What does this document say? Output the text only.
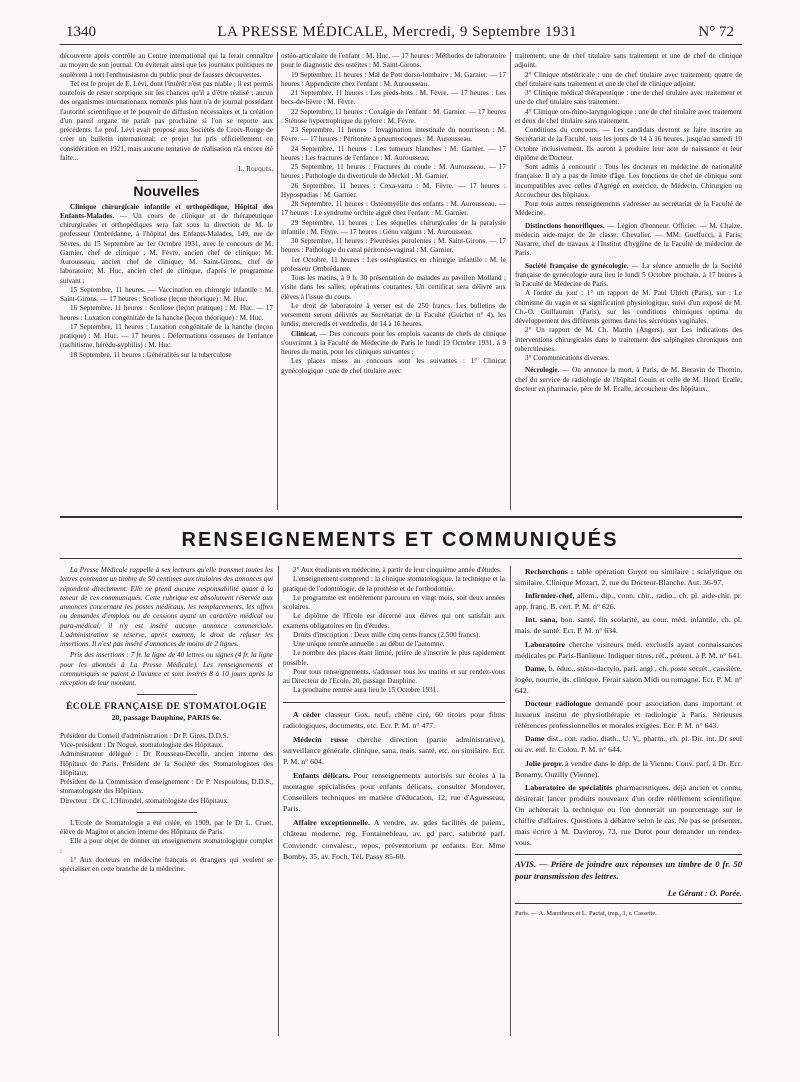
1340	LA PRESSE MÉDICALE, Mercredi, 9 Septembre 1931	N° 72

découverte après contrôle au Centre international qui la ferait connaître au moyen de son journal. On éviterait ainsi que les journaux politiques ne soulèvent à tort l'enthousiasme du public pour de fausses découvertes.

Tel est le projet de E. Lévi, dont l'intérêt n'est pas niable ; il est permis toutefois de rester sceptique sur les chances qu'il a d'être réalisé ; aucun des organismes internationaux nommés plus haut n'a de journal possédant l'autorité scientifique et le pouvoir de diffusion nécessaires et la création d'un pareil organe ne paraît pas prochaine si l'on se reporte aux précédents. Le prof. Lévi avait proposé aux Sociétés de Croix-Rouge de créer un bulletin international; ce projet fut pris officiellement en considération en 1921, mais aucune tentative de réalisation n'a encore été faite...

L. Rouquès.
Nouvelles

Clinique chirurgicale infantile et orthopédique, Hôpital des Enfants-Malades. — Un cours de clinique et de thérapeutique chirurgicales et orthopédiques sera fait sous la direction de M. le professeur Ombrédanne, à l'hôpital des Enfants-Malades, 149, rue de Sèvres, du 15 Septembre au 1er Octobre 1931, avec le concours de M. Garnier, chef de clinique ; M. Fèvre, ancien chef de clinique; M. Aurousseau, ancien chef de clinique; M. Saint-Girons, chef de laboratoire; M. Huc, ancien chef de clinique, d'après le programme suivant :

15 Septembre, 11 heures. — Vaccination en chirurgie infantile : M. Saint-Girons. — 17 heures : Scoliose (leçon théorique) : M. Huc.

16 Septembre, 11 heures : Scoliose (leçon pratique) : M. Huc. — 17 heures : Luxation congénitale de la hanche (leçon théorique) : M. Huc.

17 Septembre, 11 heures : Luxation congénitale de la hanche (leçon pratique) : M. Huc. — 17 heures : Déformations osseuses de l'enfance (rachitisme, hérédo-syphilis) : M. Huc.

18 Septembre, 11 heures : Généralités sur la tuberculose

ostéo-articulaire de l'enfant : M. Huc. — 17 heures : Méthodes de laboratoire pour le diagnostic des ostéites : M. Saint-Girons.

19 Septembre, 11 heures : Mal de Pott dorso-lombaire : M. Garnier. — 17 heures : Appendicite chez l'enfant : M. Aurousseau.

21 Septembre, 11 heures : Les pieds-bots : M. Fèvre. — 17 heures : Les becs-de-lièvre : M. Fèvre.

22 Septembre, 11 heures : Coxalgie de l'enfant : M. Garnier. — 17 heures : Sténose hypertrophique du pylore : M. Fèvre.

23 Septembre, 11 heures : Invagination intestinale du nourrisson : M. Fèvre. — 17 heures : Péritonite à pneumocoques : M. Aurousseau.

24 Septembre, 11 heures : Les tumeurs blanches : M. Garnier. — 17 heures : Les fractures de l'enfance : M. Aurousseau.

25 Septembre, 11 heures : Fractures du coude : M. Aurousseau. — 17 heures : Pathologie du diverticule de Meckel : M. Garnier.

26 Septembre, 11 heures : Coxa-varra : M. Fèvre. — 17 heures : Hypospadias : M. Garnier.

28 Septembre, 11 heures : Ostéomyélite des enfants : M. Aurousseau. — 17 heures : Le syndrome orchite aiguë chez l'enfant : M. Garnier.

29 Septembre, 11 heures : Les séquelles chirurgicales de la paralysie infantile : M. Fèvre. — 17 heures : Génu valgum : M. Aurousseau.

30 Septembre, 11 heures : Pleurésies purulentes : M. Saint-Girons. — 17 heures : Pathologie du canal péritonéo-vaginal : M. Garnier.

1er Octobre, 11 heures : Les ostéoplastics en chirurgie infantile : M. le professeur Ombrédanne.

Tous les matins, à 9 h. 30 présentation de malades au pavillon Molland ; visite dans les salles; opérations courantes. Un certificat sera délivré aux élèves à l'issue du cours.

Le droit de laboratoire à verser est de 250 francs. Les bulletins de versement seront délivrés au Secrétariat de la Faculté (Guichet n° 4), les lundis, mercredis et vendredis, de 14 à 16 heures.

Clinicat. — Des concours pour les emplois vacants de chefs de clinique s'ouvriront à la Faculté de Médecine de Paris le lundi 19 Octobre 1931, à 9 heures du matin, pour les cliniques suivantes :

Les places mises au concours sont les suivantes : 1° Clinicat gynécologique : une de chef titulaire avec

traitement; une de chef titulaire sans traitement et une de chef de clinique adjoint.

2° Clinique obstétricale : une de chef titulaire avec traitement; quatre de chef titulaire sans traitement et une de chef de clinique adjoint.

3° Clinique médical thérapeutique : une de chef titulaire avec traitement et une de chef titulaire sans traitement.

4° Clinique oto-rhino-laryngologique : une de chef titulaire avec traitement et deux de chef titulaire sans traitement.

Conditions du concours. — Les candidats devront se faire inscrire au Secrétariat de la Faculté, tous les jours de 14 à 16 heures, jusqu'au samedi 10 Octobre inclusivement. Ils auront à produire leur acte de naissance et leur diplôme de Docteur.

Sont admis à concourir : Tous les docteurs en médecine de nationalité française. Il n'y a pas de limite d'âge. Les fonctions de chef de clinique sont incompatibles avec celles d'Agrégé en exercice, de Médecin, Chirurgien ou Accoucheur des hôpitaux.

Pour tous autres renseignements s'adresser au secrétariat de la Faculté de Médecine.

Distinctions honorifiques. — Légion d'honneur. Officier. — M. Chaize, médecin aide-major de 2e classe. Chevalier. — MM. Guelfucci, à Paris; Navarre, chef de travaux à l'Institut d'hygiène de la Faculté de médecine de Paris.

Société française de gynécologie. — La séance annuelle de la Société française de gynécologie aura lieu le lundi 5 Octobre prochain, à 17 heures à la Faculté de Médecine de Paris.

A l'ordre du jour : 1° un rapport de M. Paul Ulrich (Paris), sur : Le chimisme du vagin et sa signification physiologique, suivi d'un exposé de M. Ch.-O. Guillaumin (Paris), sur les conditions chimiques optima du développement des différents germes dans les sécrétions vaginales.

2° Un rapport de M. Ch. Martin (Angers), sur Les indications des interventions chirurgicales dans le traitement des salpingites chroniques non tuberculeuses.

3° Communications diverses.

Nécrologie. — On annonce la mort, à Paris, de M. Becavin de Thomin, chef du service de radiologie de l'hôpital Gouin et celle de M. Henri Ecalle, docteur en pharmacie, père de M. Ecalle, accoucheur des hôpitaux.

RENSEIGNEMENTS ET COMMUNIQUÉS

La Presse Médicale rappelle à ses lecteurs qu'elle transmet toutes les lettres contenant un timbre de 50 centimes aux titulaires des annonces qui répondent directement. Elle ne prend aucune responsabilité quant à la teneur de ces communiqués. Cette rubrique est absolument réservée aux annonces concernant les postes médicaux, les remplacements, les offres ou demandes d'emplois ou de cessions ayant un caractère médical ou para-médical; il n'y est inséré aucune annonce commerciale. L'administration se réserve, après examen, le droit de refuser les insertions. Il n'est pas inséré d'annonces de moins de 2 lignes.

Prix des insertions : 7 fr. la ligne de 40 lettres ou signes (4 fr. la ligne pour les abonnés à La Presse Médicale). Les renseignements et communiqués se paient à l'avance et sont insérés 8 à 10 jours après la réception de leur montant.

ÉCOLE FRANÇAISE DE STOMATOLOGIE
20, passage Dauphine, PARIS 6e.

Président du Conseil d'administration : Dr P. Gires, D.D.S.

Vice-président : Dr Nogué, stomatologiste des Hôpitaux.

Administrateur délégué : Dr Rousseau-Decelle, ancien interne des Hôpitaux de Paris, Président de la Société des Stomatologistes des Hôpitaux.

Président de la Commission d'enseignement : Dr P. Nespoulous, D.D.S., stomatologiste des Hôpitaux.

Directeur : Dr C. L'Hirondel, stomatologiste des Hôpitaux.

L'Ecole de Stomatologie a été créée, en 1909, par le Dr L. Cruet, élève de Magitot et ancien interne des Hôpitaux de Paris.

Elle a pour objet de donner un enseignement stomatologique complet :

1° Aux docteurs en médecine français et étrangers qui veulent se spécialiser en cette branche de la médecine.

2° Aux étudiants en médecine, à partir de leur cinquième année d'études.

L'enseignement comprend : la clinique stomatologique, la technique et la pratique de l'odontologie, de la prothèse et de l'orthodontie.

Le programme est entièrement parcouru en vingt mois, soit deux années scolaires.

Le diplôme de l'Ecole est décerné aux élèves qui ont satisfait aux examens obligatoires en fin d'études.

Droits d'inscription : Deux mille cinq cents francs (2.500 francs).

Une unique rentrée annuelle : au début de l'automne.

Le nombre des places étant limité, prière de s'inscrire le plus rapidement possible.

Pour tous renseignements, s'adresser tous les matins et sur rendez-vous au Directeur de l'Ecole, 20, passage Dauphine.

La prochaine rentrée aura lieu le 15 Octobre 1931.

A céder classeur Gox, neuf, chêne ciré, 60 tiroirs pour films radiologiques, documents, etc. Ecr. P. M. n° 477.

Médecin russe cherche direction (partie administrative), surveillance générale, clinique, sana, mais. santé, etc. ou similaire. Ecr. P. M. n° 604.

Enfants délicats. Pour renseignements autorisés sur écoles à la montagne spécialisées pour enfants délicats, consulter Mondover, Conseillers techniques en matière d'éducation, 12, rue d'Aguesseau, Paris.

Affaire exceptionnelle. A vendre, av. gdes facilités de paiem., château moderne, rég. Fontainebleau, av. gd parc, salubrité parf. Conviendr. convalesc., repos, préventorium pr enfants. Ecr. Mme Bomby, 35, av. Foch. Tél. Passy 85-60.

Recherchons : table opération Guyot ou similaire ; scialytique ou similaire. Clinique Mozart, 2, rue du Docteur-Blanche. Aut. 36-97.

Infirmier-chef, allem., dip., conn. chir., radio., ch. pl. aide-chir. pr. app. franç. B. cert. P. M. n° 626.

Int. sana, bon. santé, fin scolarité, au cour. méd. infantile, ch. pl. mais. de santé. Ecr. P. M. n° 634.

Laboratoire cherche visiteurs méd. exclusifs ayant connaissances médicales pr. Paris-Banlieue. Indiquer titres, réf., prétent. à P. M. n° 641.

Dame, b. éduc., sténo-dactylo, parl. angl., ch. poste secrét., caissière, logée, nourrie, ds. clinique. Ferait saison Midi ou romagne. Ecr. P. M. n° 642.

Docteur radiologue demandé pour association dans important et luxueux institut de physiothérapie et radiologie à Paris. Sérieuses références professionnelles et morales exigées. Ecr. P. M. n° 643.

Dame dist., con. radio, diath., U. V., pharm., ch. pl. Dir. int. Dr seul ou av. enf. Ir. Colon. P. M. n° 644.

Jolie propr. à vendre dans le dép. de la Vienne. Conv. parf. à Dr. Ecr. Bonamy, Ouzilly (Vienne).

Laboratoire de spécialités pharmaceutiques, déjà ancien et connu, désirerait lancer produits nouveaux d'un ordre rééllement scientifique. On achèterait la technique ou l'on donnerait un pourcentage sur le chiffre d'affaires. Questions à débattre selon le cas. Ne pas se présenter, mais écrire à M. Davinroy, 73, rue Dutot pour demander un rendez-vous.

AVIS. — Prière de joindre aux réponses un timbre de 0 fr. 50 pour transmission des lettres.
Le Gérant : O. Porée.
Paris. — A. Maretheux et L. Pactat, imp., 1, r. Cassette.
